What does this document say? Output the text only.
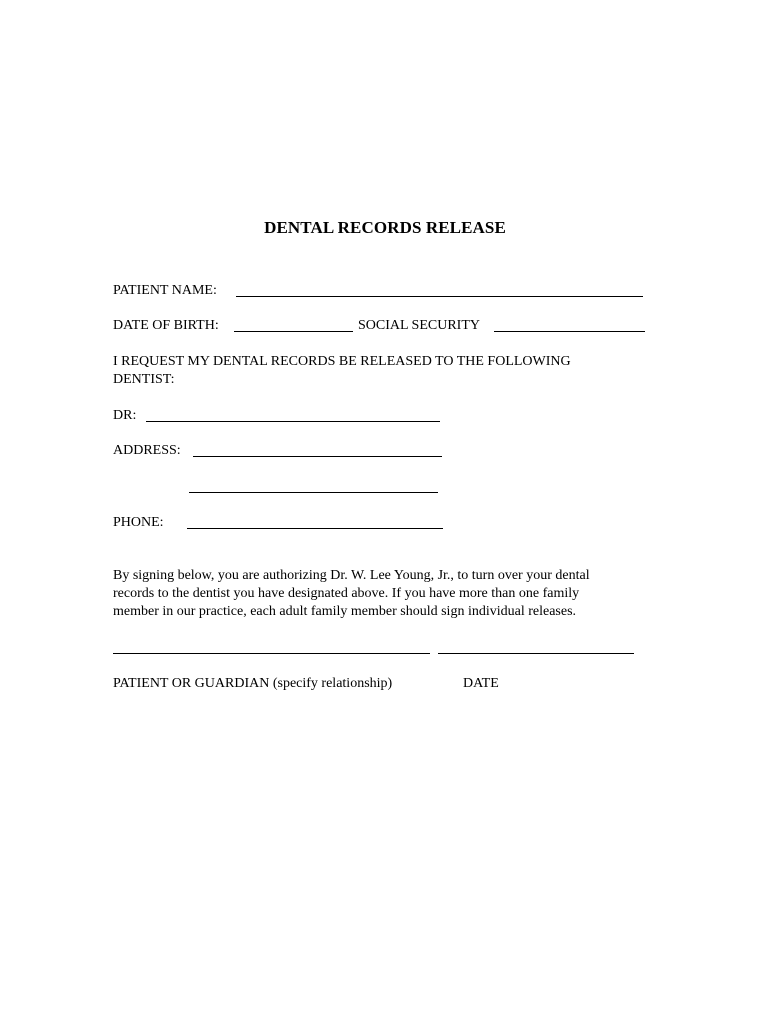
DENTAL RECORDS RELEASE
PATIENT NAME:
DATE OF BIRTH:	SOCIAL SECURITY
I REQUEST MY DENTAL RECORDS BE RELEASED TO THE FOLLOWING
DENTIST:
DR:
ADDRESS:
PHONE:
By signing below, you are authorizing Dr. W. Lee Young, Jr., to turn over your dental
records to the dentist you have designated above. If you have more than one family
member in our practice, each adult family member should sign individual releases.
PATIENT OR GUARDIAN (specify relationship)	DATE
